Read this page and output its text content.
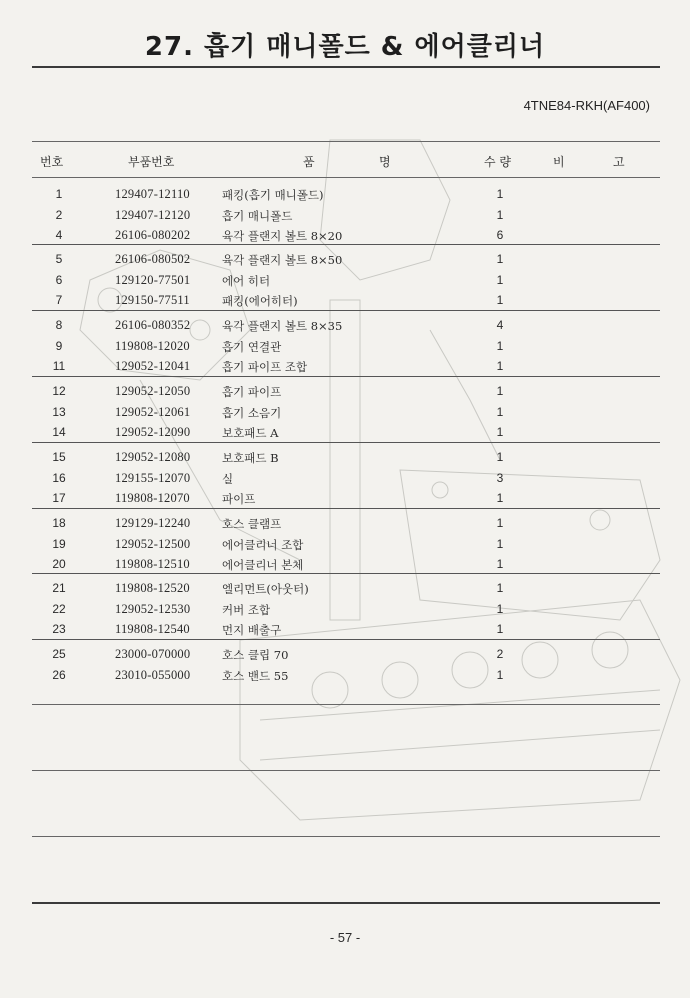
27. 흡기 매니폴드 & 에어클리너
4TNE84-RKH(AF400)
번호	부품번호	품	명	수 량	비	고
1	129407-12110	패킹(흡기 매니폴드)	1
2	129407-12120	흡기 매니폴드	1
4	26106-080202	육각 플랜지 볼트 8×20	6
5	26106-080502	육각 플랜지 볼트 8×50	1
6	129120-77501	에어 히터	1
7	129150-77511	패킹(에어히터)	1
8	26106-080352	육각 플랜지 볼트 8×35	4
9	119808-12020	흡기 연결관	1
11	129052-12041	흡기 파이프 조합	1
12	129052-12050	흡기 파이프	1
13	129052-12061	흡기 소음기	1
14	129052-12090	보호패드 A	1
15	129052-12080	보호패드 B	1
16	129155-12070	실	3
17	119808-12070	파이프	1
18	129129-12240	호스 클램프	1
19	129052-12500	에어클리너 조합	1
20	119808-12510	에어클리너 본체	1
21	119808-12520	엘리먼트(아웃터)	1
22	129052-12530	커버 조합	1
23	119808-12540	먼지 배출구	1
25	23000-070000	호스 클립 70	2
26	23010-055000	호스 밴드 55	1
- 57 -
